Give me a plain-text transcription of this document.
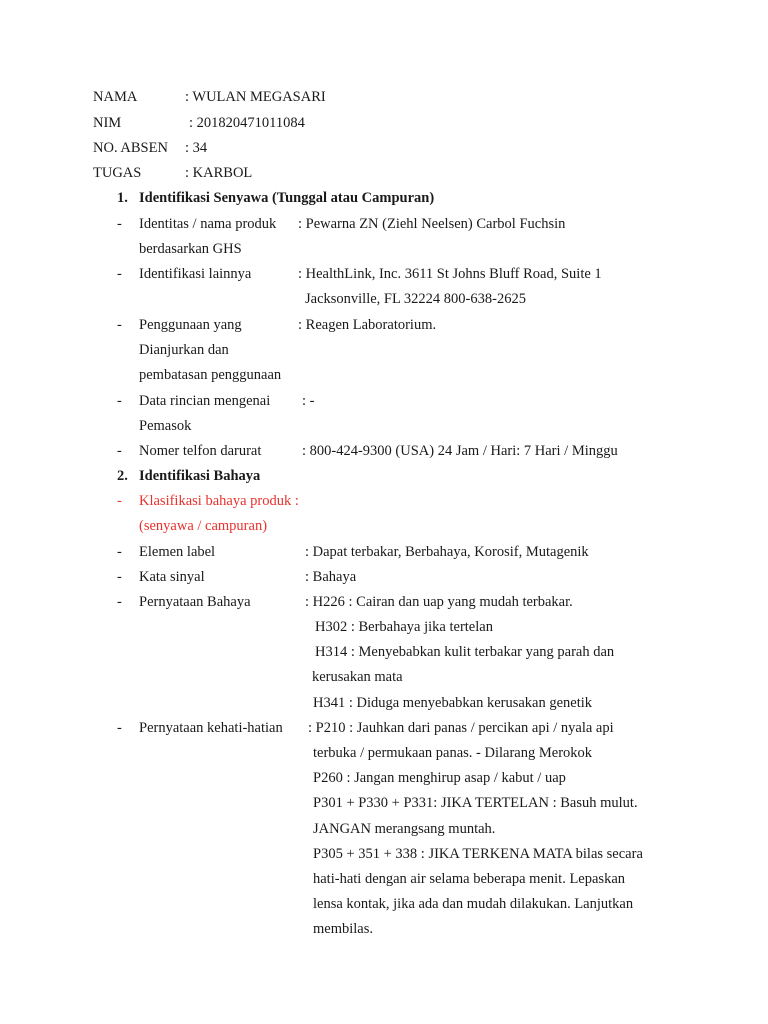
NAMA	: WULAN MEGASARI
NIM	: 201820471011084
NO. ABSEN : 34
TUGAS	: KARBOL
1. Identifikasi Senyawa (Tunggal atau Campuran)
- Identitas / nama produk : Pewarna ZN (Ziehl Neelsen) Carbol Fuchsin
berdasarkan GHS
- Identifikasi lainnya	: HealthLink, Inc. 3611 St Johns Bluff Road, Suite 1
Jacksonville, FL 32224 800-638-2625
- Penggunaan yang	: Reagen Laboratorium.
Dianjurkan dan
pembatasan penggunaan
- Data rincian mengenai : -
Pemasok
- Nomer telfon darurat	: 800-424-9300 (USA) 24 Jam / Hari: 7 Hari / Minggu
2. Identifikasi Bahaya
- Klasifikasi bahaya produk :
(senyawa / campuran)
- Elemen label	: Dapat terbakar, Berbahaya, Korosif, Mutagenik
- Kata sinyal	: Bahaya
- Pernyataan Bahaya	: H226 : Cairan dan uap yang mudah terbakar.
H302 : Berbahaya jika tertelan
H314 : Menyebabkan kulit terbakar yang parah dan
kerusakan mata
H341 : Diduga menyebabkan kerusakan genetik
- Pernyataan kehati-hatian : P210 : Jauhkan dari panas / percikan api / nyala api
terbuka / permukaan panas. - Dilarang Merokok
P260 : Jangan menghirup asap / kabut / uap
P301 + P330 + P331: JIKA TERTELAN : Basuh mulut.
JANGAN merangsang muntah.
P305 + 351 + 338 : JIKA TERKENA MATA bilas secara
hati-hati dengan air selama beberapa menit. Lepaskan
lensa kontak, jika ada dan mudah dilakukan. Lanjutkan
membilas.
